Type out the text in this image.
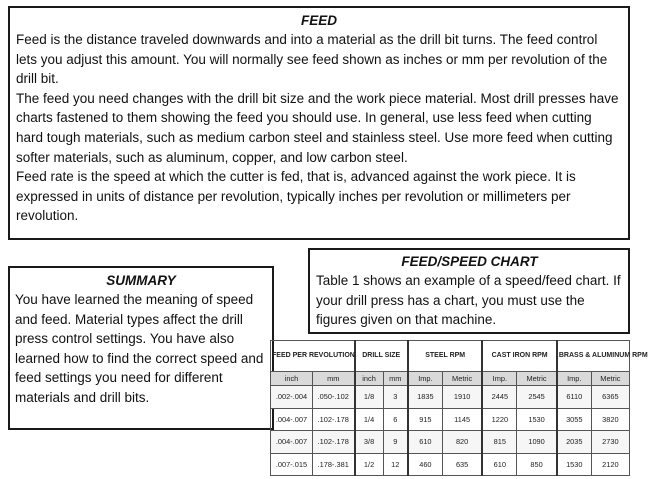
FEED

Feed is the distance traveled downwards and into a material as the drill bit turns. The feed control lets you adjust this amount. You will normally see feed shown as inches or mm per revolution of the drill bit.

The feed you need changes with the drill bit size and the work piece material. Most drill presses have charts fastened to them showing the feed you should use. In general, use less feed when cutting hard tough materials, such as medium carbon steel and stainless steel. Use more feed when cutting softer materials, such as aluminum, copper, and low carbon steel.

Feed rate is the speed at which the cutter is fed, that is, advanced against the work piece. It is expressed in units of distance per revolution, typically inches per revolution or millimeters per revolution.

FEED/SPEED CHART

Table 1 shows an example of a speed/feed chart. If your drill press has a chart, you must use the figures given on that machine.

SUMMARY

You have learned the meaning of speed and feed. Material types affect the drill press control settings. You have also learned how to find the correct speed and feed settings you need for different materials and drill bits.

FEED PER REVOLUTION		DRILL SIZE		STEEL RPM		CAST IRON RPM		BRASS & ALUMINUM RPM	
inch	mm	inch	mm	Imp.	Metric	Imp.	Metric	Imp.	Metric
.002-.004	.050-.102	1/8	3	1835	1910	2445	2545	6110	6365
.004-.007	.102-.178	1/4	6	915	1145	1220	1530	3055	3820
.004-.007	.102-.178	3/8	9	610	820	815	1090	2035	2730
.007-.015	.178-.381	1/2	12	460	635	610	850	1530	2120
